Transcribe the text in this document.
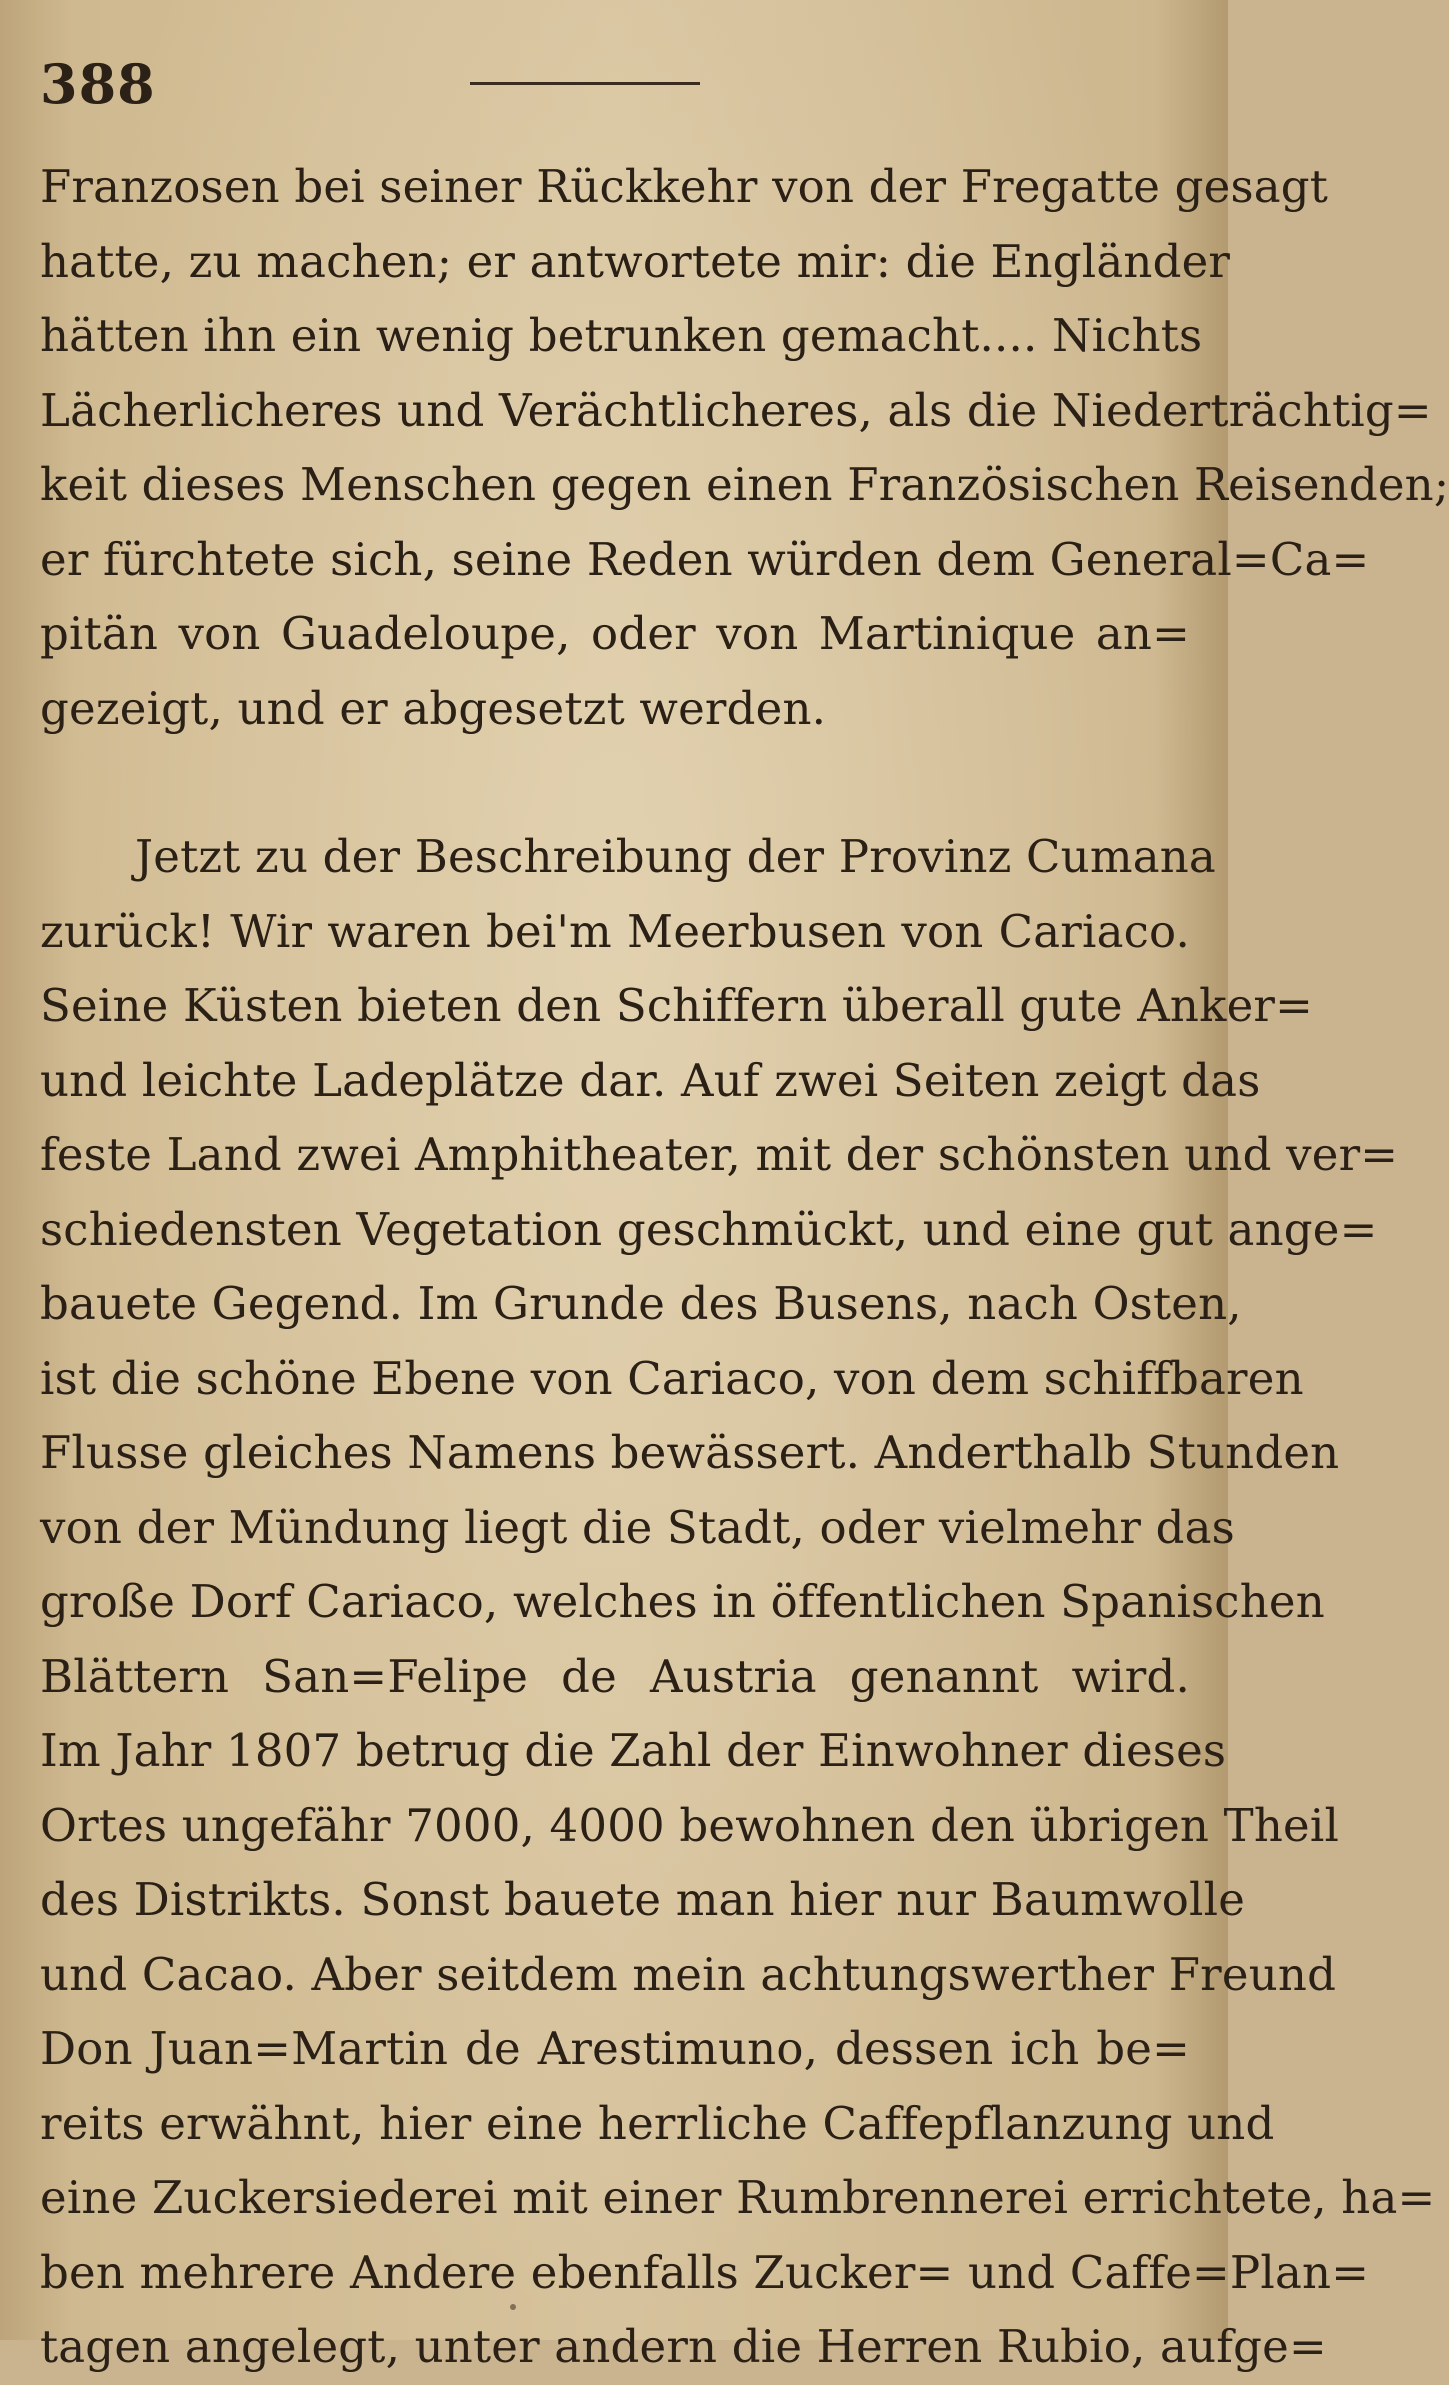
388
Franzosen bei seiner Rückkehr von der Fregatte gesagt
hatte, zu machen; er antwortete mir: die Engländer
hätten ihn ein wenig betrunken gemacht.... Nichts
Lächerlicheres und Verächtlicheres, als die Niederträchtig=
keit dieses Menschen gegen einen Französischen Reisenden;
er fürchtete sich, seine Reden würden dem General=Ca=
pitän von Guadeloupe, oder von Martinique an=
gezeigt, und er abgesetzt werden.
Jetzt zu der Beschreibung der Provinz Cumana
zurück! Wir waren bei'm Meerbusen von Cariaco.
Seine Küsten bieten den Schiffern überall gute Anker=
und leichte Ladeplätze dar. Auf zwei Seiten zeigt das
feste Land zwei Amphitheater, mit der schönsten und ver=
schiedensten Vegetation geschmückt, und eine gut ange=
bauete Gegend. Im Grunde des Busens, nach Osten,
ist die schöne Ebene von Cariaco, von dem schiffbaren
Flusse gleiches Namens bewässert. Anderthalb Stunden
von der Mündung liegt die Stadt, oder vielmehr das
große Dorf Cariaco, welches in öffentlichen Spanischen
Blättern San=Felipe de Austria genannt wird.
Im Jahr 1807 betrug die Zahl der Einwohner dieses
Ortes ungefähr 7000, 4000 bewohnen den übrigen Theil
des Distrikts. Sonst bauete man hier nur Baumwolle
und Cacao. Aber seitdem mein achtungswerther Freund
Don Juan=Martin de Arestimuno, dessen ich be=
reits erwähnt, hier eine herrliche Caffepflanzung und
eine Zuckersiederei mit einer Rumbrennerei errichtete, ha=
ben mehrere Andere ebenfalls Zucker= und Caffe=Plan=
tagen angelegt, unter andern die Herren Rubio, aufge=
